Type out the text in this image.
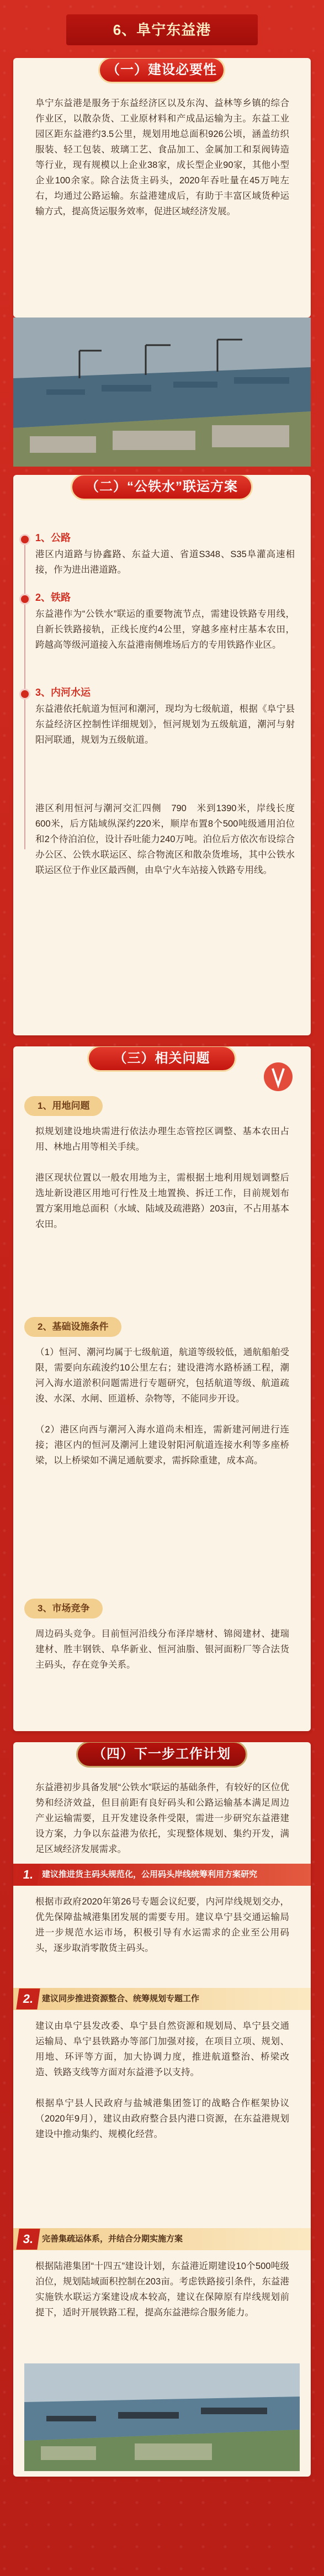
6、阜宁东益港
（一）建设必要性
阜宁东益港是服务于东益经济区以及东沟、益林等乡镇的综合作业区，以散杂货、工业原材料和产成品运输为主。东益工业园区距东益港约3.5公里，规划用地总面积926公顷，涵盖纺织服装、轻工包装、玻璃工艺、食品加工、金属加工和泵阀铸造等行业，现有规模以上企业38家，成长型企业90家，其他小型企业100余家。除合法货主码头，2020年吞吐量在45万吨左右，均通过公路运输。东益港建成后，有助于丰富区域货种运输方式，提高货运服务效率，促进区域经济发展。
（二）“公铁水”联运方案
1、公路
港区内道路与协鑫路、东益大道、省道S348、S35阜灌高速相接，作为进出港道路。
2、铁路
东益港作为“公铁水”联运的重要物流节点，需建设铁路专用线，自新长铁路接轨，正线长度约4公里，穿越多座村庄基本农田，跨越高等级河道接入东益港南侧堆场后方的专用铁路作业区。
3、内河水运
东益港依托航道为恒河和潮河，现均为七级航道，根据《阜宁县东益经济区控制性详细规划》，恒河规划为五级航道，潮河与射阳河联通，规划为五级航道。
港区利用恒河与潮河交汇四侧　790　米到1390米，岸线长度600米，后方陆域纵深约220米，顺岸布置8个500吨级通用泊位和2个待泊泊位，设计吞吐能力240万吨。泊位后方依次布设综合办公区、公铁水联运区、综合物流区和散杂货堆场，其中公铁水联运区位于作业区最西侧，由阜宁火车站接入铁路专用线。
（三）相关问题
1、用地问题
拟规划建设地块需进行依法办理生态管控区调整、基本农田占用、林地占用等相关手续。

港区现状位置以一般农用地为主，需根据土地利用规划调整后选址新设港区用地可行性及土地置换、拆迁工作，目前规划布置方案用地总面积（水域、陆域及疏港路）203亩，不占用基本农田。
2、基础设施条件
（1）恒河、潮河均属于七级航道，航道等级较低，通航船舶受限，需要向东疏浚约10公里左右；建设港湾水路桥涵工程，潮河入海水道淤积问题需进行专题研究，包括航道等级、航道疏浚、水深、水闸、匝道桥、杂物等，不能同步开设。

（2）港区向西与潮河入海水道尚未相连，需新建河闸进行连接；港区内的恒河及潮河上建设射阳河航道连接水利等多座桥梁，以上桥梁如不满足通航要求，需拆除重建，成本高。
3、市场竞争
周边码头竞争。目前恒河沿线分布泽岸塘材、锦阅建材、捷瑞建材、胜丰钢铁、阜华新业、恒河油脂、银河面粉厂等合法货主码头，存在竞争关系。
（四）下一步工作计划
东益港初步具备发展“公铁水”联运的基础条件，有较好的区位优势和经济效益，但目前距有良好码头和公路运输基本满足周边产业运输需要，且开发建设条件受限，需进一步研究东益港建设方案，力争以东益港为依托，实现整体规划、集约开发，满足区域经济发展需求。
建议推进货主码头规范化，公用码头岸线统筹利用方案研究
1.
根据市政府2020年第26号专题会议纪要，内河岸线规划交办，优先保障盐城港集团发展的需要专用。建议阜宁县交通运输局进一步规范水运市场，积极引导有水运需求的企业至公用码头，逐步取消零散货主码头。
建议同步推进资源整合、统筹规划专题工作
2.
建议由阜宁县发改委、阜宁县自然资源和规划局、阜宁县交通运输局、阜宁县铁路办等部门加强对接，在项目立项、规划、用地、环评等方面，加大协调力度，推进航道整治、桥梁改造、铁路支线等方面对东益港予以支持。

根据阜宁县人民政府与盐城港集团签订的战略合作框架协议（2020年9月），建议由政府整合县内港口资源，在东益港规划建设中推动集约、规模化经营。
完善集疏运体系，并结合分期实施方案
3.
根据陆港集团“十四五”建设计划，东益港近期建设10个500吨级泊位，规划陆域面积控制在203亩。考虑铁路接引条件，东益港实施铁水联运方案建设成本较高，建议在保障原有岸线规划前提下，适时开展铁路工程，提高东益港综合服务能力。
